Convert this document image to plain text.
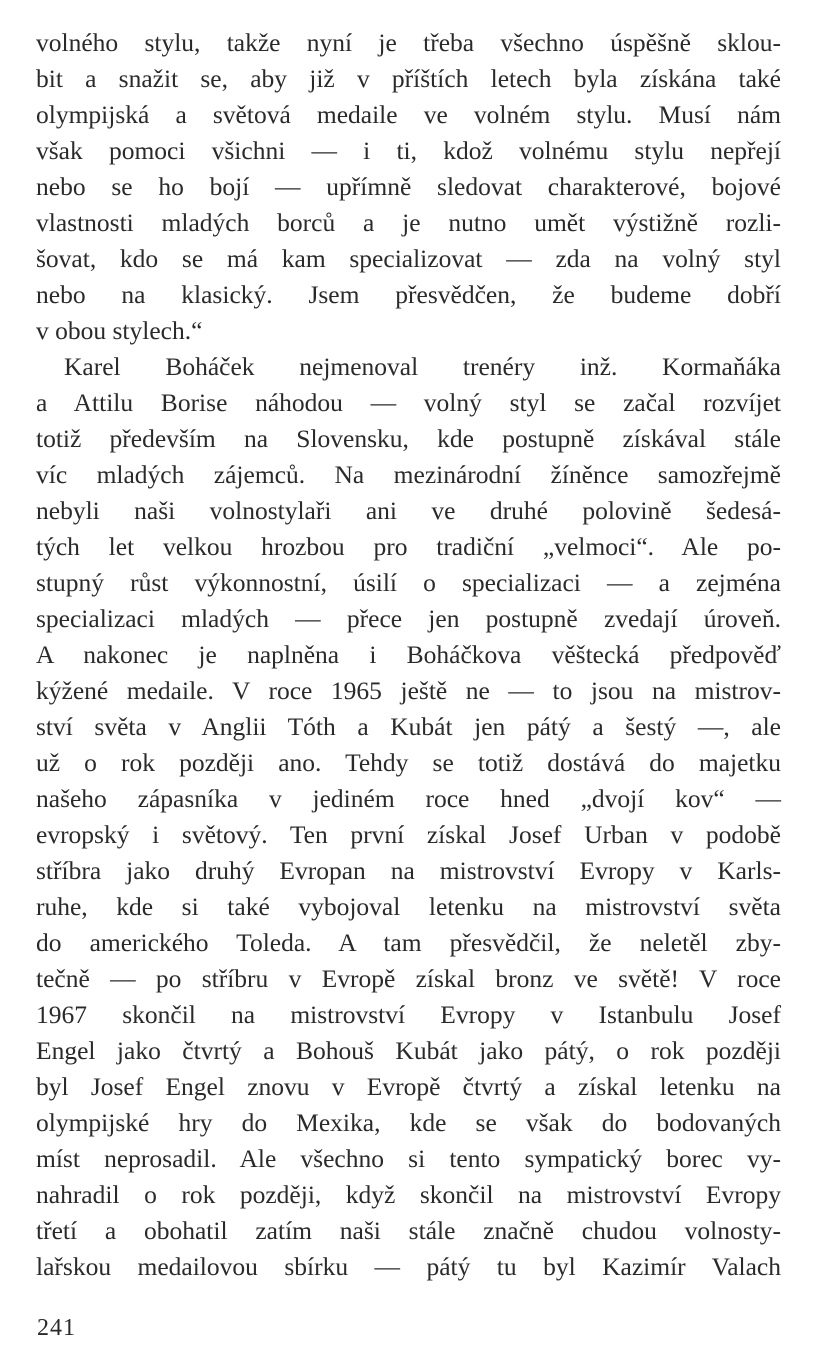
volného stylu, takže nyní je třeba všechno úspěšně sklou-
bit a snažit se, aby již v příštích letech byla získána také
olympijská a světová medaile ve volném stylu. Musí nám
však pomoci všichni — i ti, kdož volnému stylu nepřejí
nebo se ho bojí — upřímně sledovat charakterové, bojové
vlastnosti mladých borců a je nutno umět výstižně rozli-
šovat, kdo se má kam specializovat — zda na volný styl
nebo na klasický. Jsem přesvědčen, že budeme dobří
v obou stylech.“
Karel Boháček nejmenoval trenéry inž. Kormaňáka
a Attilu Borise náhodou — volný styl se začal rozvíjet
totiž především na Slovensku, kde postupně získával stále
víc mladých zájemců. Na mezinárodní žíněnce samozřejmě
nebyli naši volnostylaři ani ve druhé polovině šedesá-
tých let velkou hrozbou pro tradiční „velmoci“. Ale po-
stupný růst výkonnostní, úsilí o specializaci — a zejména
specializaci mladých — přece jen postupně zvedají úroveň.
A nakonec je naplněna i Boháčkova věštecká předpověď
kýžené medaile. V roce 1965 ještě ne — to jsou na mistrov-
ství světa v Anglii Tóth a Kubát jen pátý a šestý —, ale
už o rok později ano. Tehdy se totiž dostává do majetku
našeho zápasníka v jediném roce hned „dvojí kov“ —
evropský i světový. Ten první získal Josef Urban v podobě
stříbra jako druhý Evropan na mistrovství Evropy v Karls-
ruhe, kde si také vybojoval letenku na mistrovství světa
do amerického Toleda. A tam přesvědčil, že neletěl zby-
tečně — po stříbru v Evropě získal bronz ve světě! V roce
1967 skončil na mistrovství Evropy v Istanbulu Josef
Engel jako čtvrtý a Bohouš Kubát jako pátý, o rok později
byl Josef Engel znovu v Evropě čtvrtý a získal letenku na
olympijské hry do Mexika, kde se však do bodovaných
míst neprosadil. Ale všechno si tento sympatický borec vy-
nahradil o rok později, když skončil na mistrovství Evropy
třetí a obohatil zatím naši stále značně chudou volnosty-
lařskou medailovou sbírku — pátý tu byl Kazimír Valach
241
